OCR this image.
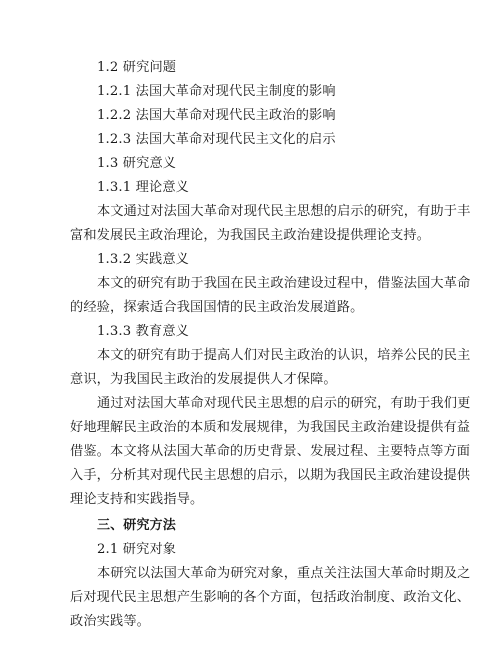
1.2 研究问题
1.2.1 法国大革命对现代民主制度的影响
1.2.2 法国大革命对现代民主政治的影响
1.2.3 法国大革命对现代民主文化的启示
1.3 研究意义
1.3.1 理论意义
本文通过对法国大革命对现代民主思想的启示的研究，有助于丰
富和发展民主政治理论，为我国民主政治建设提供理论支持。
1.3.2 实践意义
本文的研究有助于我国在民主政治建设过程中，借鉴法国大革命
的经验，探索适合我国国情的民主政治发展道路。
1.3.3 教育意义
本文的研究有助于提高人们对民主政治的认识，培养公民的民主
意识，为我国民主政治的发展提供人才保障。
通过对法国大革命对现代民主思想的启示的研究，有助于我们更
好地理解民主政治的本质和发展规律，为我国民主政治建设提供有益
借鉴。本文将从法国大革命的历史背景、发展过程、主要特点等方面
入手，分析其对现代民主思想的启示，以期为我国民主政治建设提供
理论支持和实践指导。
三、研究方法
2.1 研究对象
本研究以法国大革命为研究对象，重点关注法国大革命时期及之
后对现代民主思想产生影响的各个方面，包括政治制度、政治文化、
政治实践等。
